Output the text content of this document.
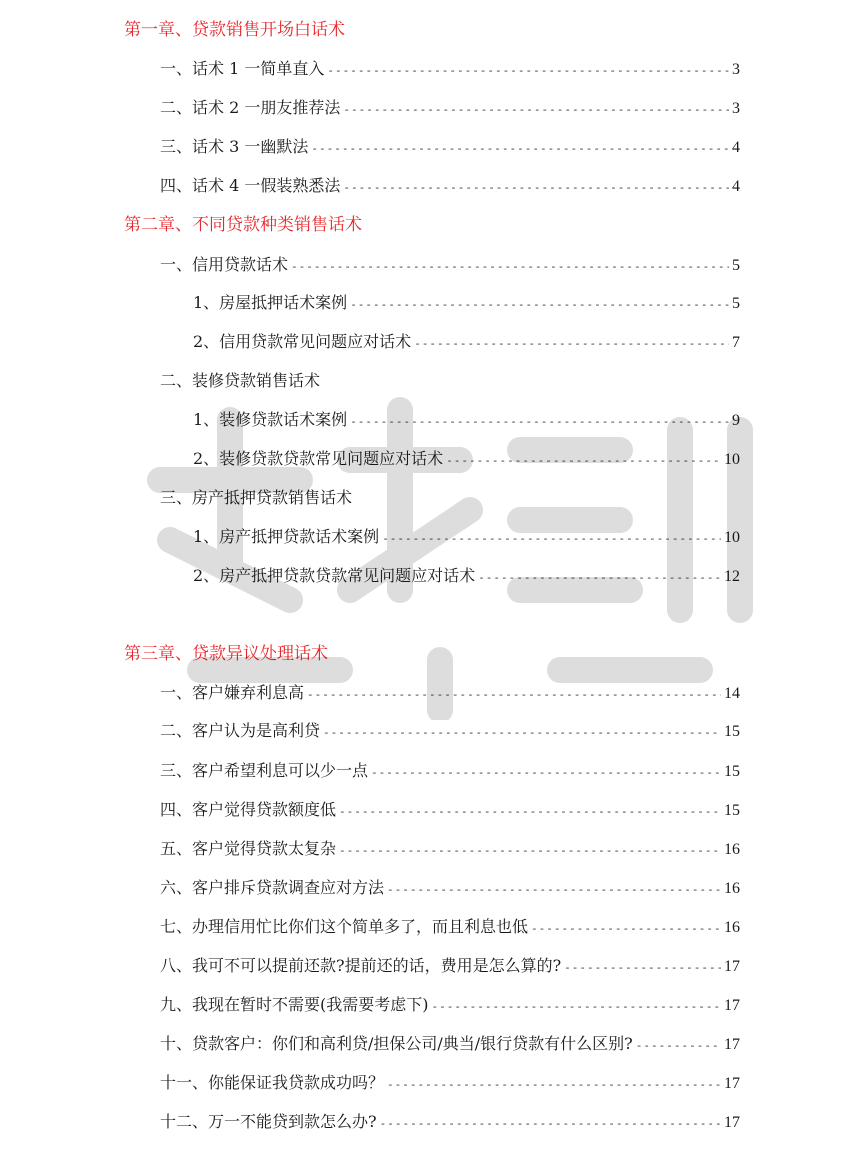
第一章、贷款销售开场白话术
一、话术 1 一简单直入 -----	3
二、话术 2 一朋友推荐法 -----	3
三、话术 3 一幽默法 -----	4
四、话术 4 一假装熟悉法 -----	4
第二章、不同贷款种类销售话术
一、信用贷款话术 -----	5
1、房屋抵押话术案例 -----	5
2、信用贷款常见问题应对话术 -----	7
二、装修贷款销售话术
1、装修贷款话术案例 -----	9
2、装修贷款贷款常见问题应对话术 -----	10
三、房产抵押贷款销售话术
1、房产抵押贷款话术案例 -----	10
2、房产抵押贷款贷款常见问题应对话术 -----	12
第三章、贷款异议处理话术
一、客户嫌弃利息高 -----	14
二、客户认为是高利贷 -----	15
三、客户希望利息可以少一点 -----	15
四、客户觉得贷款额度低 -----	15
五、客户觉得贷款太复杂 -----	16
六、客户排斥贷款调查应对方法 -----	16
七、办理信用忙比你们这个简单多了，而且利息也低 -----	16
八、我可不可以提前还款?提前还的话，费用是怎么算的? -----	17
九、我现在暂时不需要(我需要考虑下) -----	17
十、贷款客户：你们和高利贷/担保公司/典当/银行贷款有什么区别? -----	17
十一、你能保证我贷款成功吗？ -----	17
十二、万一不能贷到款怎么办? -----	17
